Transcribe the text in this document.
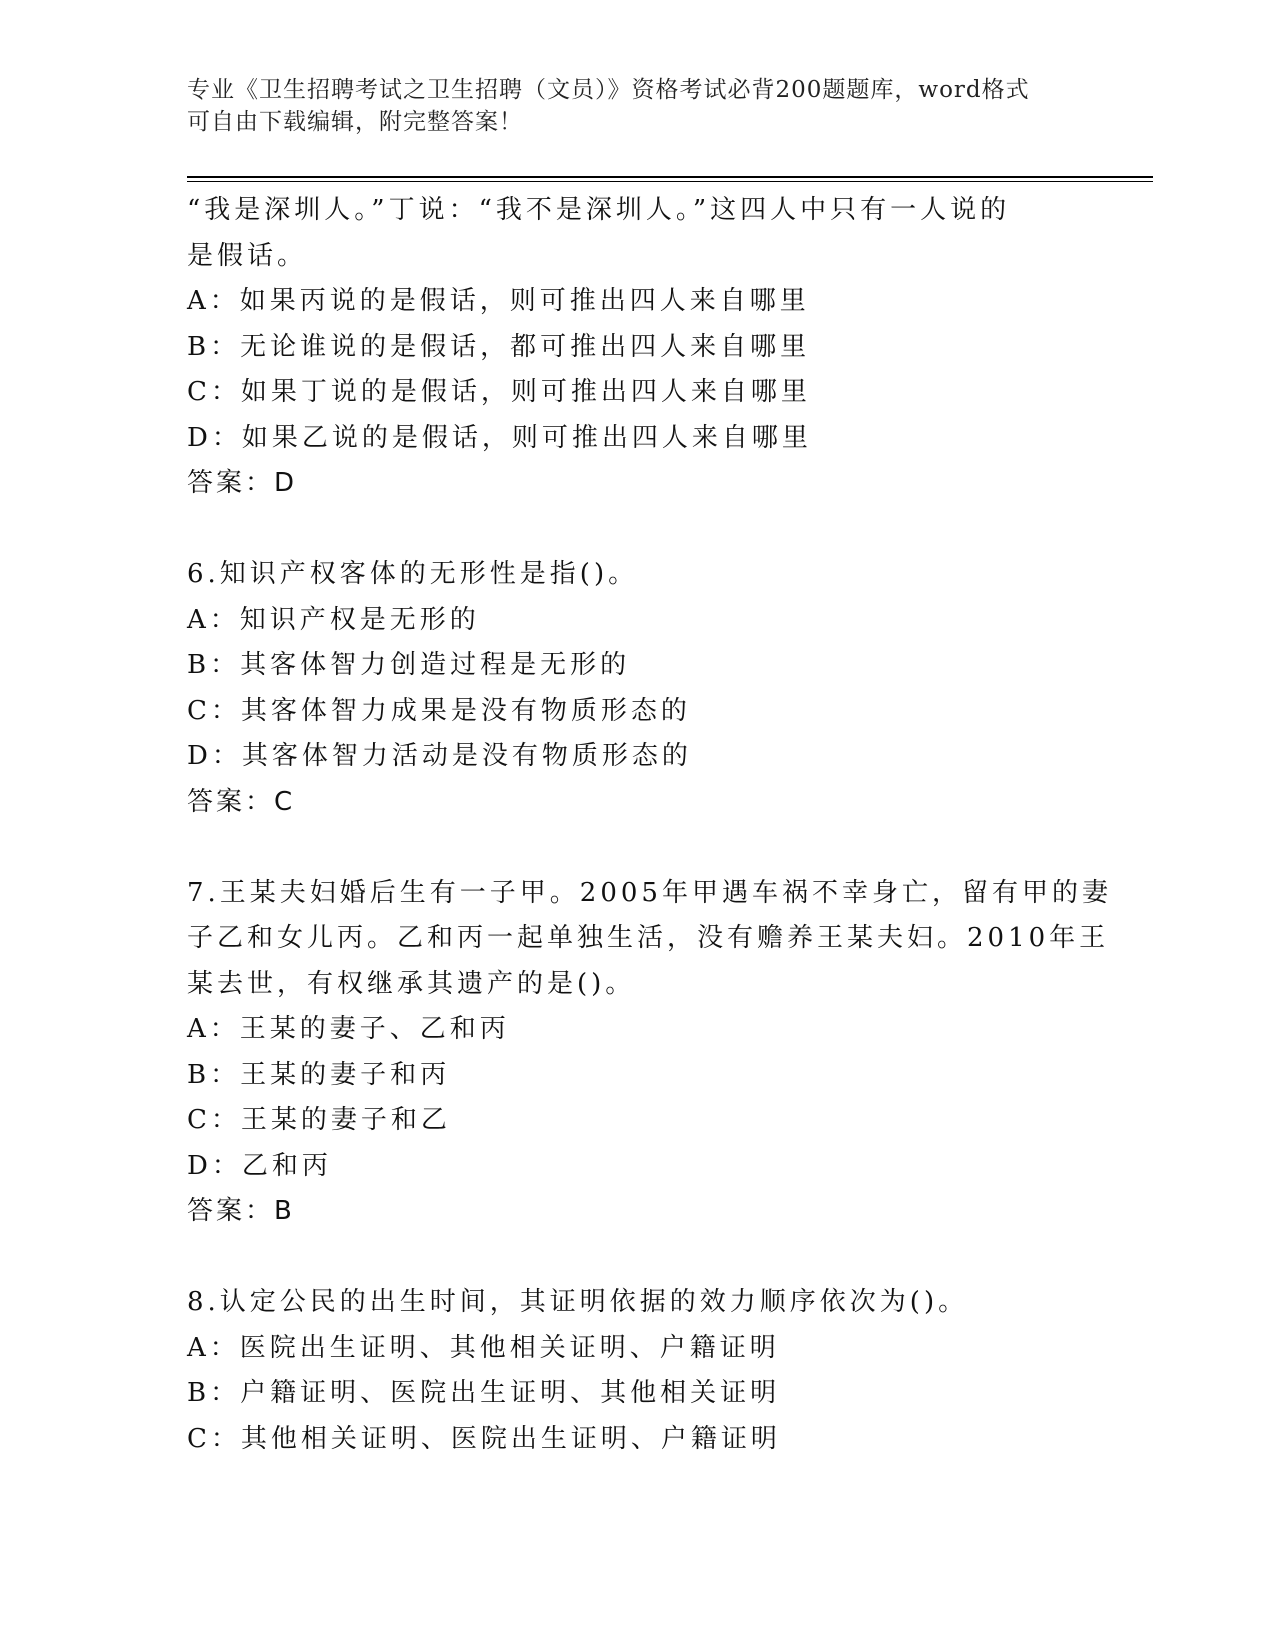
专业《卫生招聘考试之卫生招聘（文员）》资格考试必背200题题库，word格式
可自由下载编辑，附完整答案！
“我是深圳人。”丁说：“我不是深圳人。”这四人中只有一人说的
是假话。
A：如果丙说的是假话，则可推出四人来自哪里
B：无论谁说的是假话，都可推出四人来自哪里
C：如果丁说的是假话，则可推出四人来自哪里
D：如果乙说的是假话，则可推出四人来自哪里
答案：D
6.知识产权客体的无形性是指()。
A：知识产权是无形的
B：其客体智力创造过程是无形的
C：其客体智力成果是没有物质形态的
D：其客体智力活动是没有物质形态的
答案：C
7.王某夫妇婚后生有一子甲。2005年甲遇车祸不幸身亡，留有甲的妻
子乙和女儿丙。乙和丙一起单独生活，没有赡养王某夫妇。2010年王
某去世，有权继承其遗产的是()。
A：王某的妻子、乙和丙
B：王某的妻子和丙
C：王某的妻子和乙
D：乙和丙
答案：B
8.认定公民的出生时间，其证明依据的效力顺序依次为()。
A：医院出生证明、其他相关证明、户籍证明
B：户籍证明、医院出生证明、其他相关证明
C：其他相关证明、医院出生证明、户籍证明
